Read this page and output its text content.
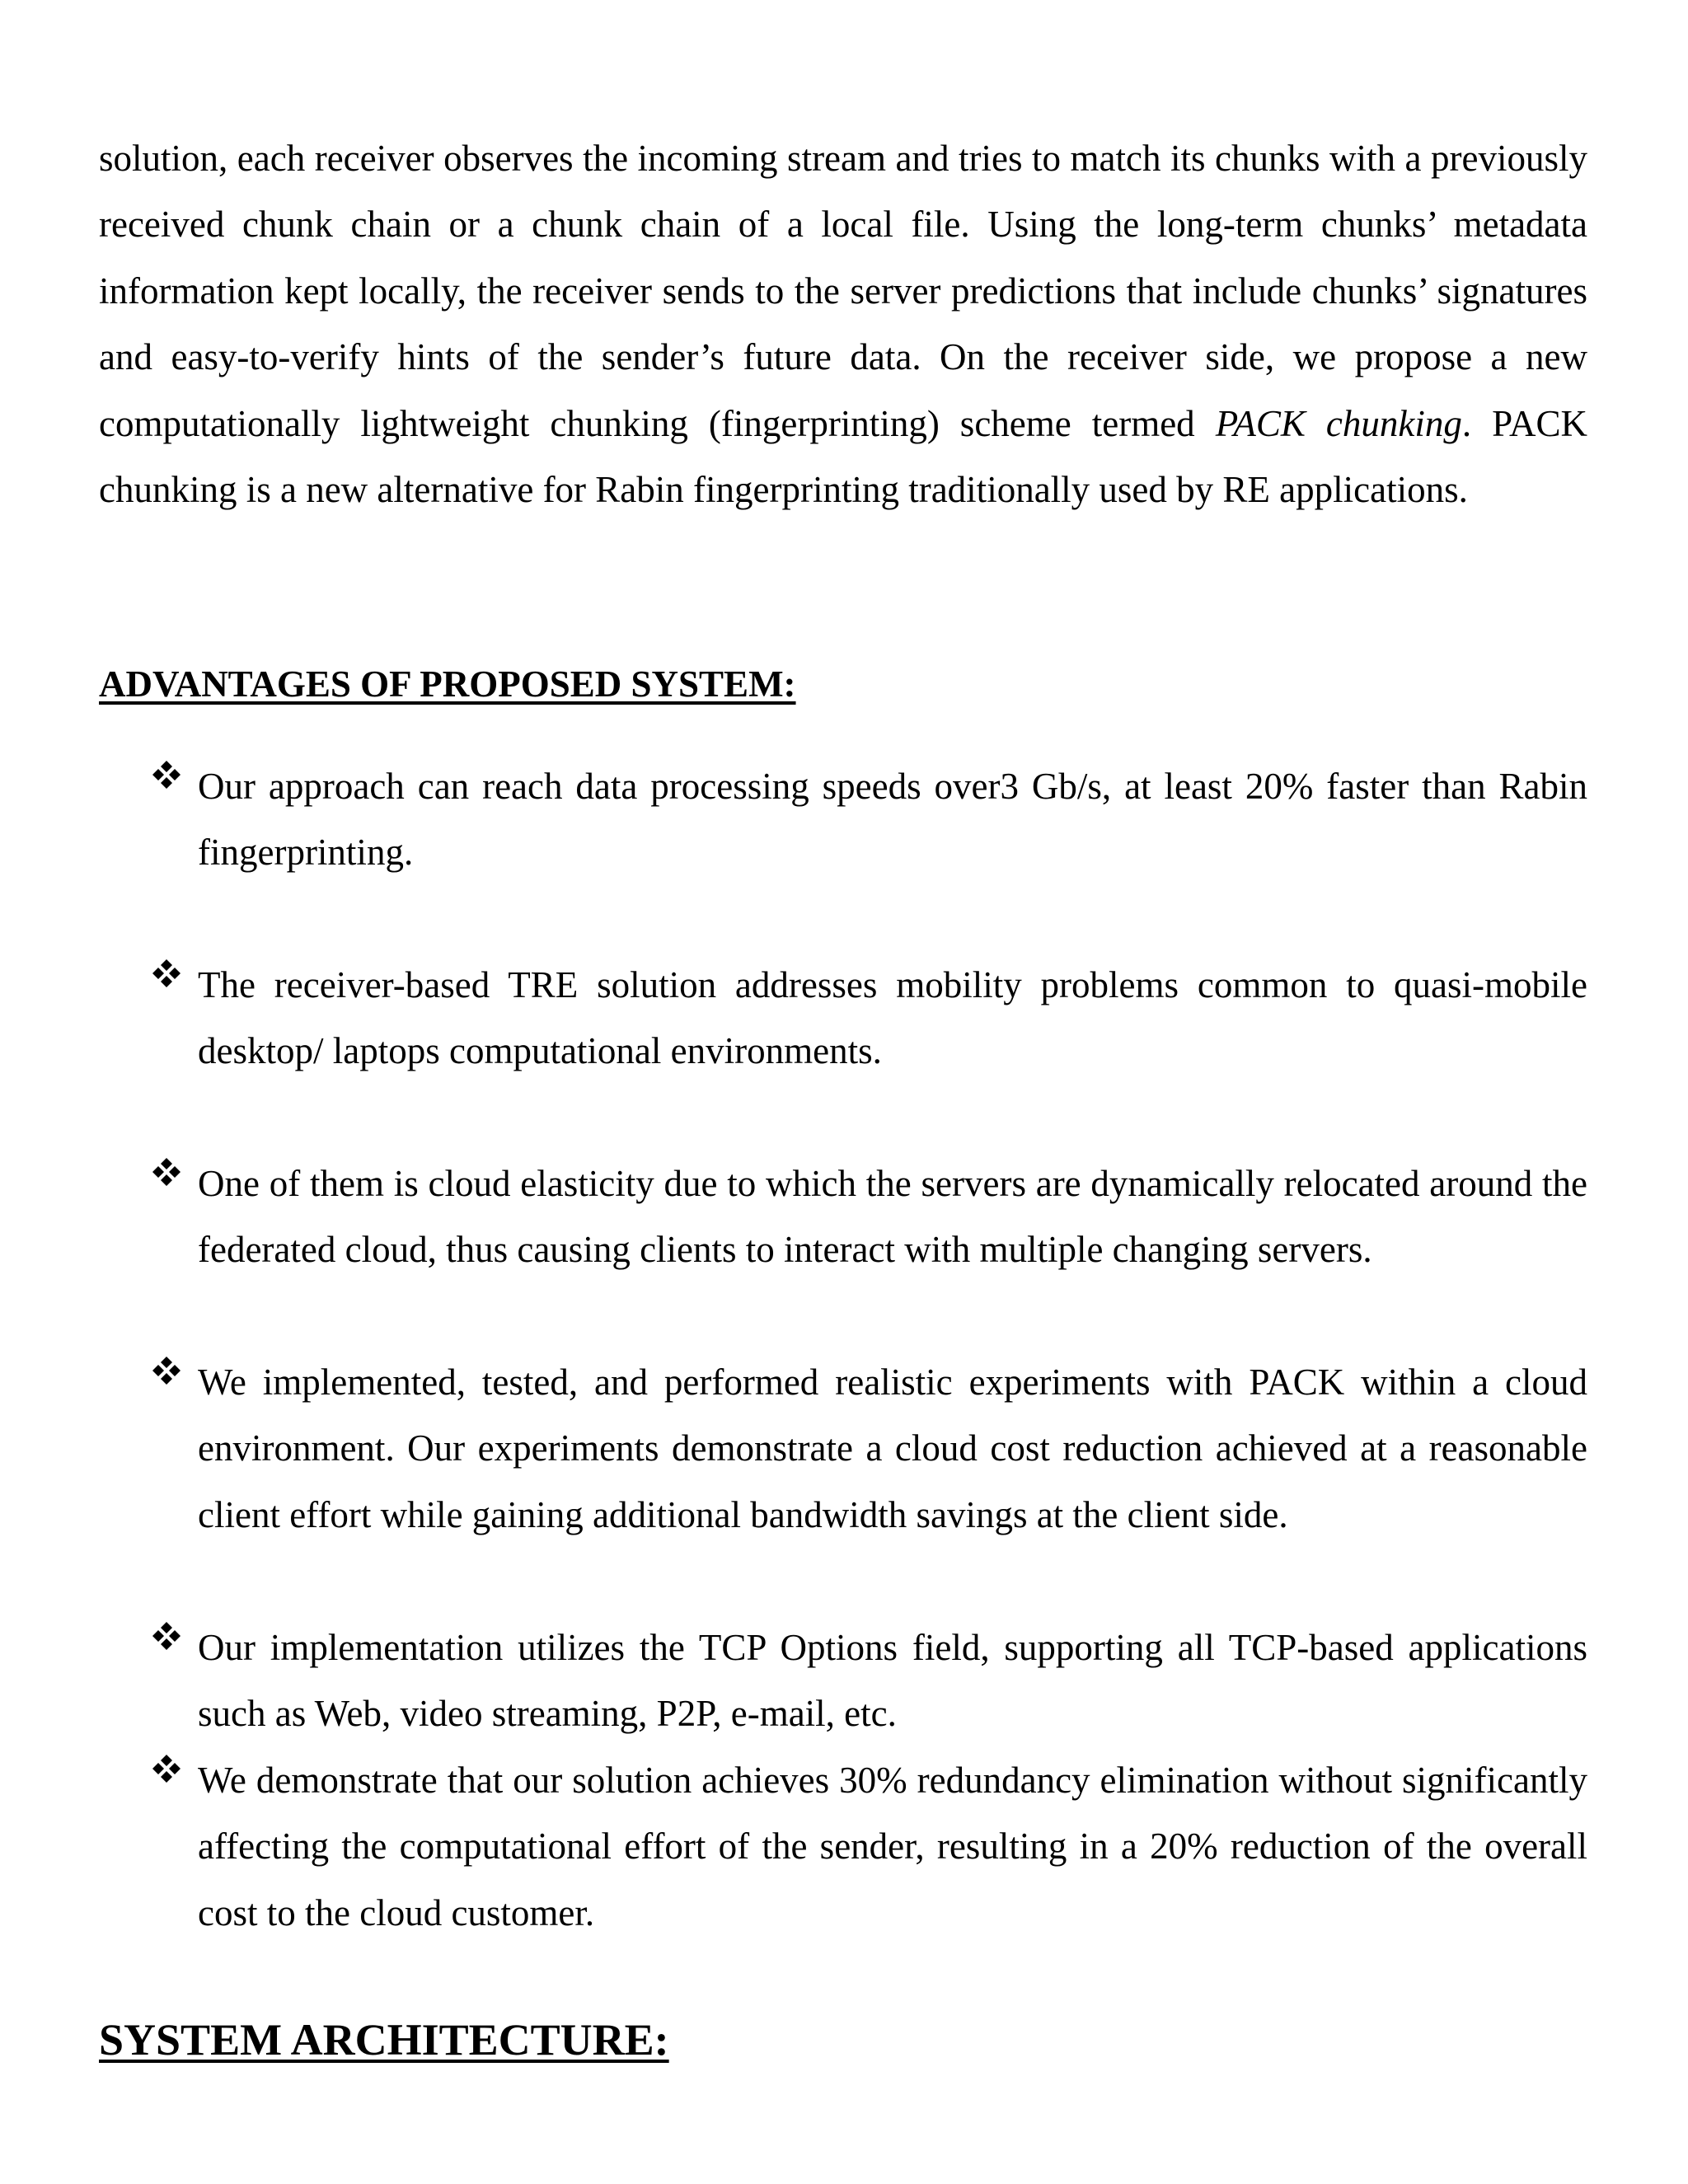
solution, each receiver observes the incoming stream and tries to match its chunks with a previously received chunk chain or a chunk chain of a local file. Using the long-term chunks’ metadata information kept locally, the receiver sends to the server predictions that include chunks’ signatures and easy-to-verify hints of the sender’s future data. On the receiver side, we propose a new computationally lightweight chunking (fingerprinting) scheme termed PACK chunking. PACK chunking is a new alternative for Rabin fingerprinting traditionally used by RE applications.

ADVANTAGES OF PROPOSED SYSTEM:

Our approach can reach data processing speeds over3 Gb/s, at least 20% faster than Rabin fingerprinting.

The receiver-based TRE solution addresses mobility problems common to quasi-mobile desktop/ laptops computational environments.

One of them is cloud elasticity due to which the servers are dynamically relocated around the federated cloud, thus causing clients to interact with multiple changing servers.

We implemented, tested, and performed realistic experiments with PACK within a cloud environment. Our experiments demonstrate a cloud cost reduction achieved at a reasonable client effort while gaining additional bandwidth savings at the client side.

Our implementation utilizes the TCP Options field, supporting all TCP-based applications such as Web, video streaming, P2P, e-mail, etc.

We demonstrate that our solution achieves 30% redundancy elimination without significantly affecting the computational effort of the sender, resulting in a 20% reduction of the overall cost to the cloud customer.

SYSTEM ARCHITECTURE:
